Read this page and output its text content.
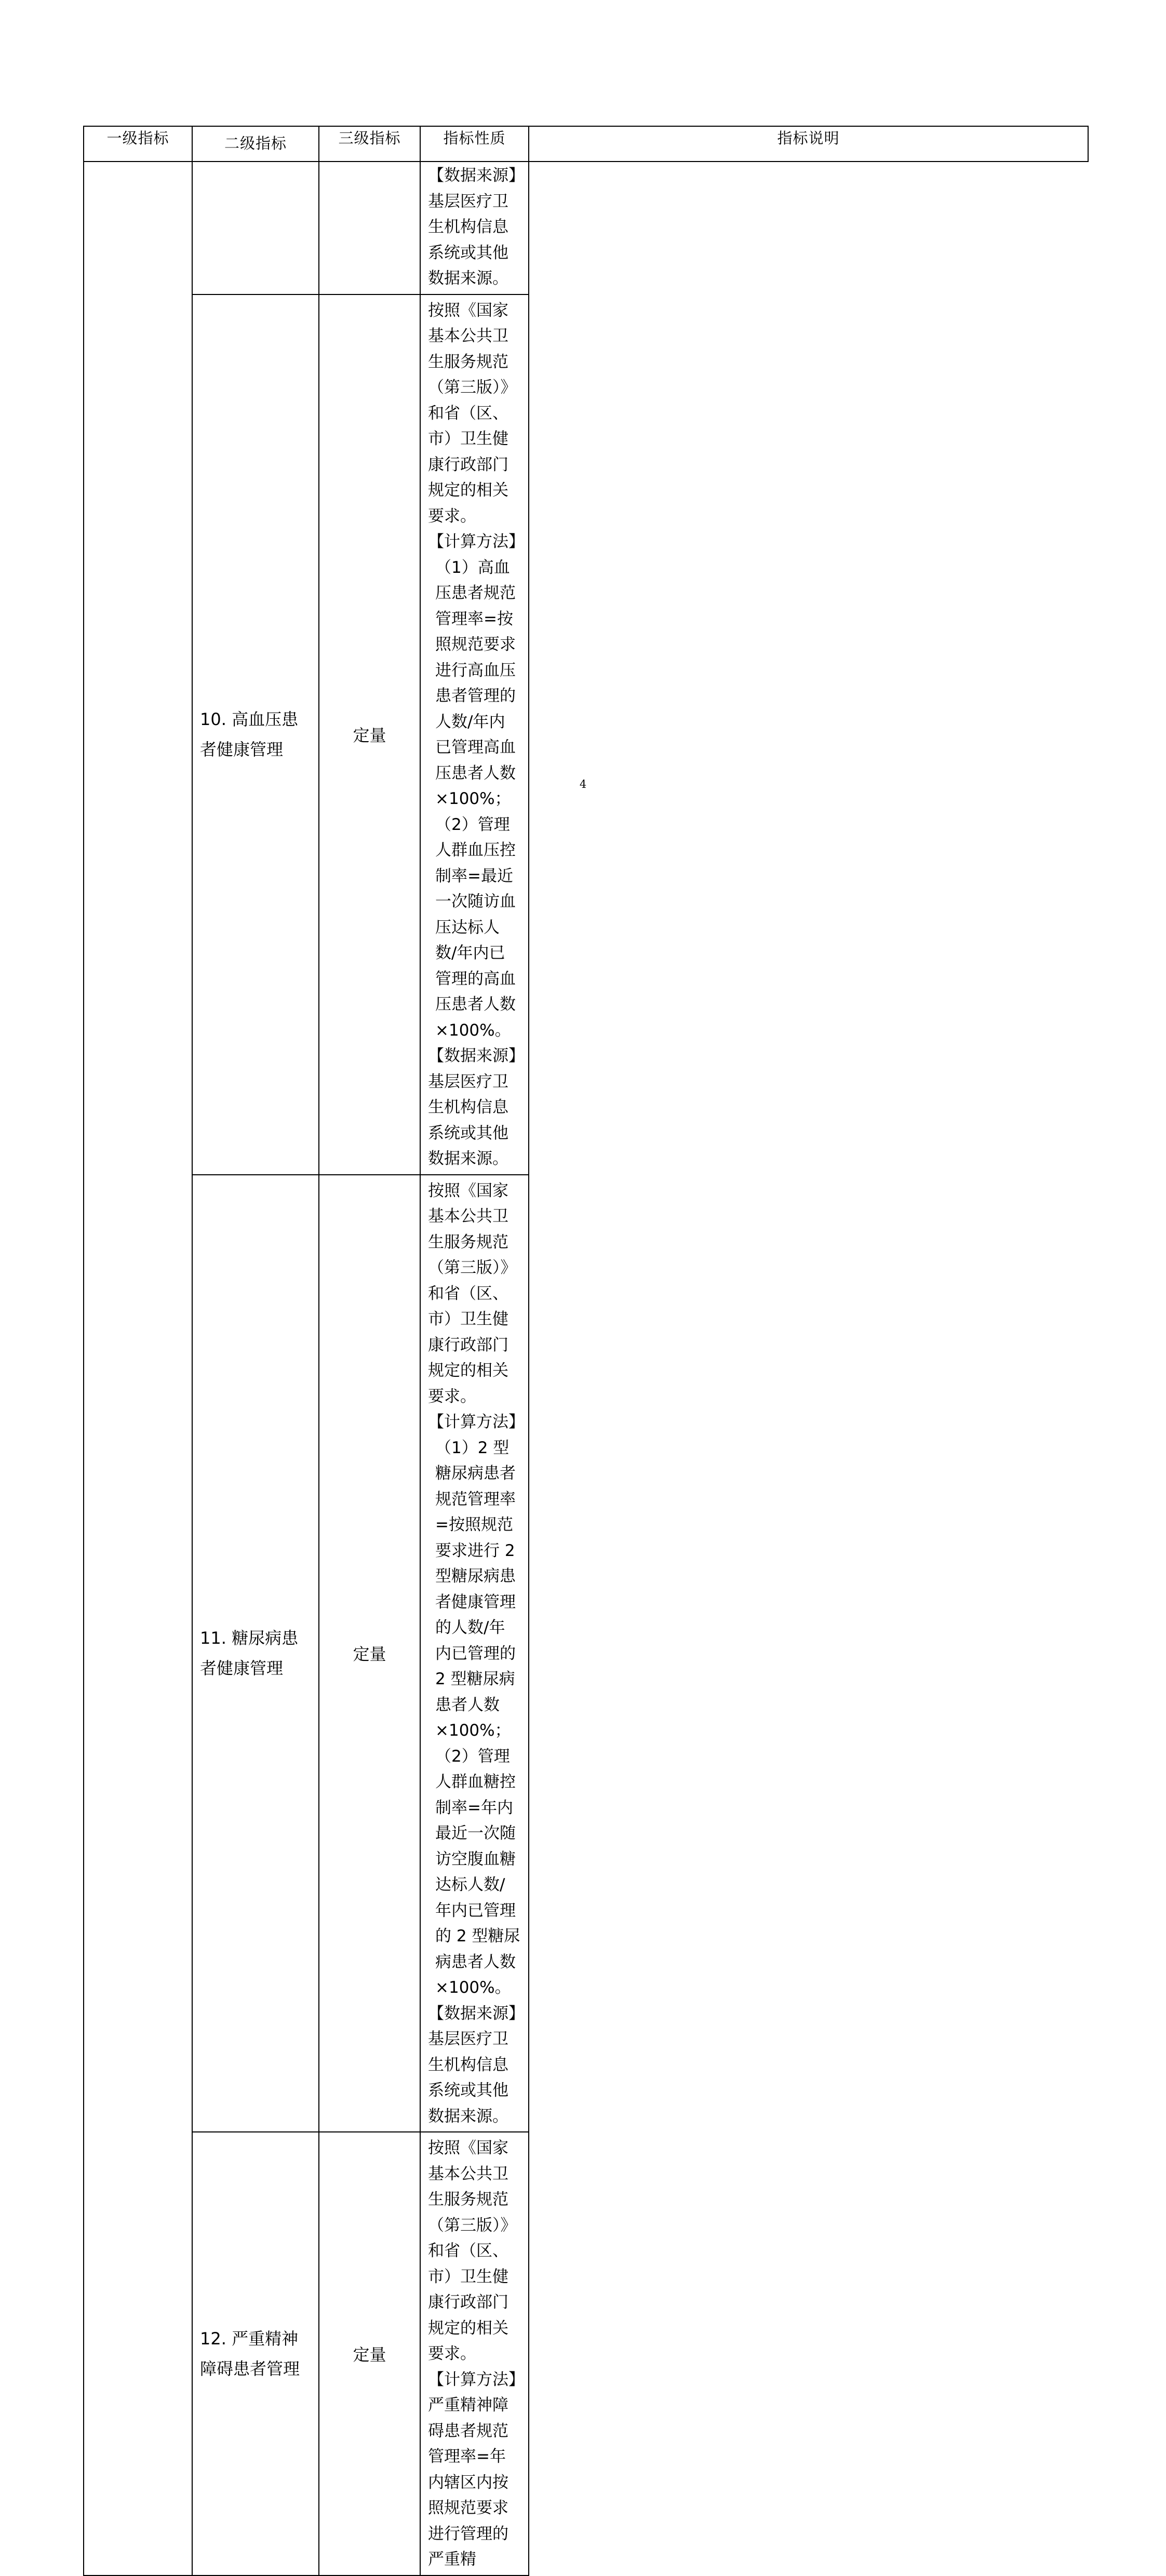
一级指标	二级指标	三级指标	指标性质	指标说明

			【数据来源】基层医疗卫生机构信息系统或其他数据来源。	

	10. 高血压患者健康管理	定量	按照《国家基本公共卫生服务规范（第三版）》和省（区、市）卫生健康行政部门规定的相关要求。
【计算方法】
（1）高血压患者规范管理率=按照规范要求进行高血压患者管理的人数/年内已管理高血压患者人数×100%；
（2）管理人群血压控制率=最近一次随访血压达标人数/年内已管理的高血压患者人数×100%。
【数据来源】基层医疗卫生机构信息系统或其他数据来源。	

	11. 糖尿病患者健康管理	定量	按照《国家基本公共卫生服务规范（第三版）》和省（区、市）卫生健康行政部门规定的相关要求。
【计算方法】
（1）2 型糖尿病患者规范管理率=按照规范要求进行 2 型糖尿病患者健康管理的人数/年内已管理的 2 型糖尿病患者人数×100%；
（2）管理人群血糖控制率=年内最近一次随访空腹血糖达标人数/年内已管理的 2 型糖尿病患者人数×100%。
【数据来源】基层医疗卫生机构信息系统或其他数据来源。	

	12. 严重精神障碍患者管理	定量	按照《国家基本公共卫生服务规范（第三版）》和省（区、市）卫生健康行政部门规定的相关要求。
【计算方法】
严重精神障碍患者规范管理率=年内辖区内按照规范要求进行管理的严重精	
4
